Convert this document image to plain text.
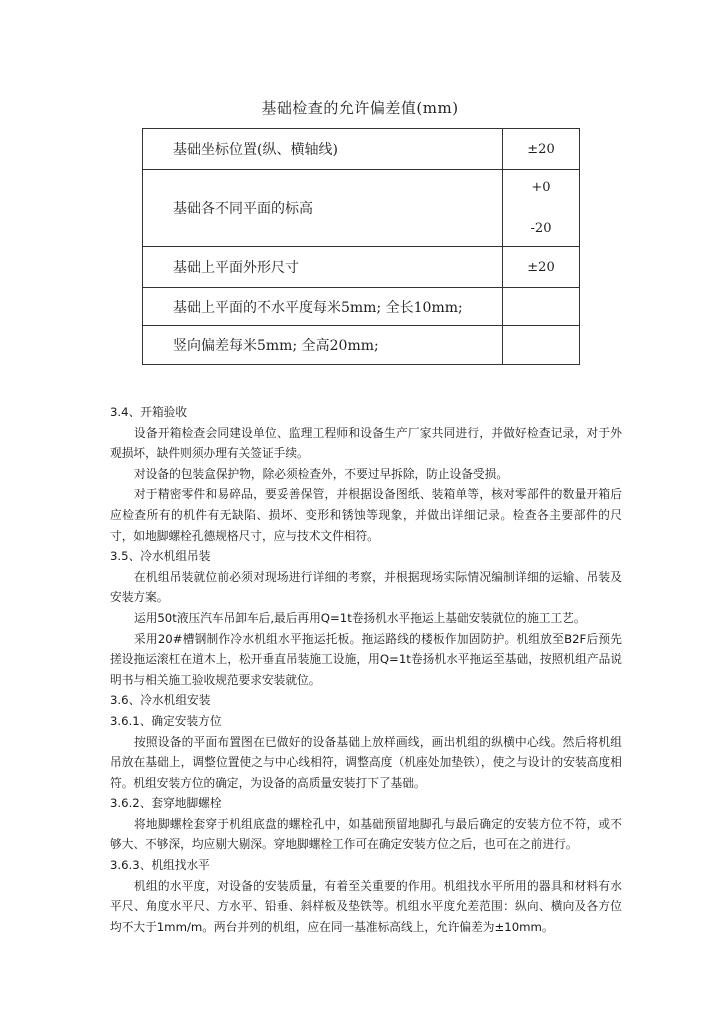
基础检查的允许偏差值(mm)
基础坐标位置(纵、横轴线)	±20
基础各不同平面的标高	+0
-20

基础上平面外形尺寸	±20
基础上平面的不水平度每米5mm; 全长10mm;	
竖向偏差每米5mm; 全高20mm;	

3.4、开箱验收

设备开箱检查会同建设单位、监理工程师和设备生产厂家共同进行，并做好检查记录，对于外观损坏，缺件则须办理有关签证手续。

对设备的包装盒保护物，除必须检查外，不要过早拆除，防止设备受损。

对于精密零件和易碎品，要妥善保管，并根据设备图纸、装箱单等，核对零部件的数量开箱后应检查所有的机件有无缺陷、损坏、变形和锈蚀等现象，并做出详细记录。检查各主要部件的尺寸，如地脚螺栓孔德规格尺寸，应与技术文件相符。

3.5、冷水机组吊装

在机组吊装就位前必须对现场进行详细的考察，并根据现场实际情况编制详细的运输、吊装及安装方案。

运用50t液压汽车吊卸车后,最后再用Q=1t卷扬机水平拖运上基础安装就位的施工工艺。

采用20#槽钢制作冷水机组水平拖运托板。拖运路线的楼板作加固防护。机组放至B2F后预先搓设拖运滚杠在道木上，松开垂直吊装施工设施，用Q=1t卷扬机水平拖运至基础，按照机组产品说明书与相关施工验收规范要求安装就位。

3.6、冷水机组安装

3.6.1、确定安装方位

按照设备的平面布置图在已做好的设备基础上放样画线，画出机组的纵横中心线。然后将机组吊放在基础上，调整位置使之与中心线相符，调整高度（机座处加垫铁），使之与设计的安装高度相符。机组安装方位的确定，为设备的高质量安装打下了基础。

3.6.2、套穿地脚螺栓

将地脚螺栓套穿于机组底盘的螺栓孔中，如基础预留地脚孔与最后确定的安装方位不符，或不够大、不够深，均应剔大剔深。穿地脚螺栓工作可在确定安装方位之后，也可在之前进行。

3.6.3、机组找水平

机组的水平度，对设备的安装质量，有着至关重要的作用。机组找水平所用的器具和材料有水平尺、角度水平尺、方水平、铅垂、斜样板及垫铁等。机组水平度允差范围：纵向、横向及各方位均不大于1mm/m。两台并列的机组，应在同一基准标高线上，允许偏差为±10mm。
